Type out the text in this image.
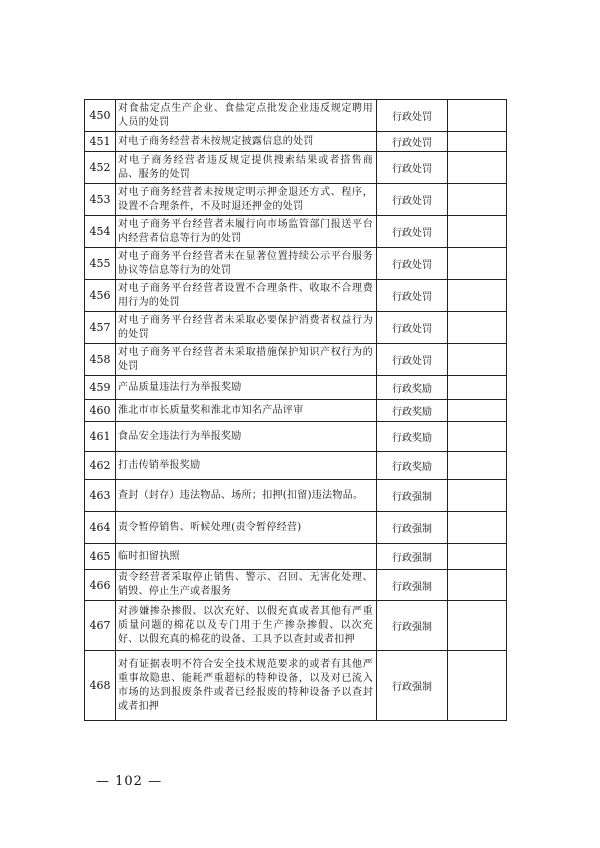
450	对食盐定点生产企业、食盐定点批发企业违反规定聘用人员的处罚	行政处罚	
451	对电子商务经营者未按规定披露信息的处罚	行政处罚	
452	对电子商务经营者违反规定提供搜索结果或者搭售商品、服务的处罚	行政处罚	
453	对电子商务经营者未按规定明示押金退还方式、程序，设置不合理条件，不及时退还押金的处罚	行政处罚	
454	对电子商务平台经营者未履行向市场监管部门报送平台内经营者信息等行为的处罚	行政处罚	
455	对电子商务平台经营者未在显著位置持续公示平台服务协议等信息等行为的处罚	行政处罚	
456	对电子商务平台经营者设置不合理条件、收取不合理费用行为的处罚	行政处罚	
457	对电子商务平台经营者未采取必要保护消费者权益行为的处罚	行政处罚	
458	对电子商务平台经营者未采取措施保护知识产权行为的处罚	行政处罚	
459	产品质量违法行为举报奖励	行政奖励	
460	淮北市市长质量奖和淮北市知名产品评审	行政奖励	
461	食品安全违法行为举报奖励	行政奖励	
462	打击传销举报奖励	行政奖励	
463	查封（封存）违法物品、场所；扣押(扣留)违法物品。	行政强制	
464	责令暂停销售、听候处理(责令暂停经营)	行政强制	
465	临时扣留执照	行政强制	
466	责令经营者采取停止销售、警示、召回、无害化处理、销毁、停止生产或者服务	行政强制	
467	对涉嫌掺杂掺假、以次充好、以假充真或者其他有严重质量问题的棉花以及专门用于生产掺杂掺假、以次充好、以假充真的棉花的设备、工具予以查封或者扣押	行政强制	
468	对有证据表明不符合安全技术规范要求的或者有其他严重事故隐患、能耗严重超标的特种设备，以及对已流入市场的达到报废条件或者已经报废的特种设备予以查封或者扣押	行政强制	
— 102 —
